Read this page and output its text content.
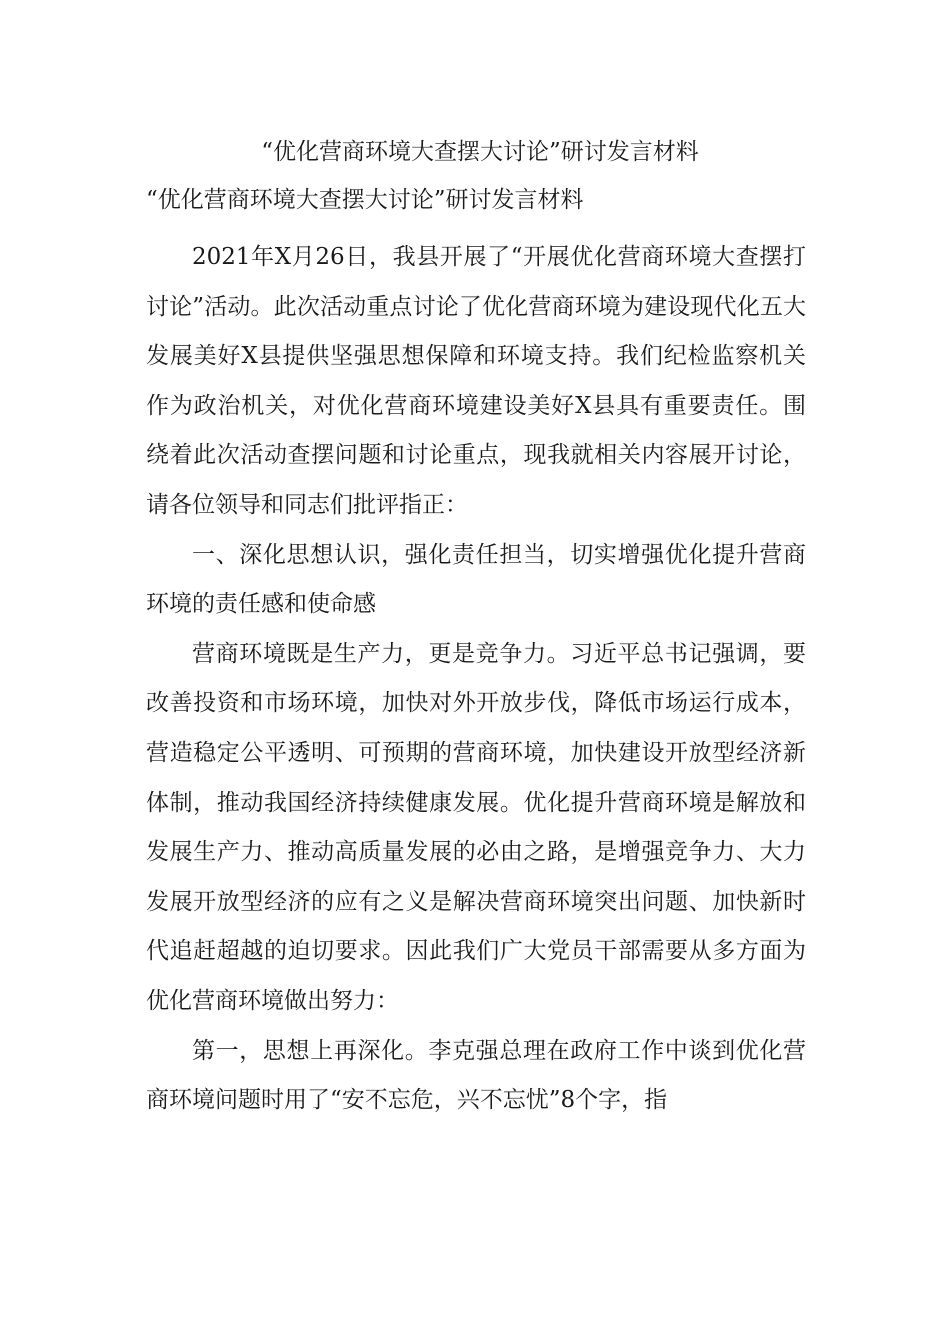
“优化营商环境大查摆大讨论”研讨发言材料
“优化营商环境大查摆大讨论”研讨发言材料

2021年X月26日，我县开展了“开展优化营商环境大查摆打讨论”活动。此次活动重点讨论了优化营商环境为建设现代化五大发展美好X县提供坚强思想保障和环境支持。我们纪检监察机关作为政治机关，对优化营商环境建设美好X县具有重要责任。围绕着此次活动查摆问题和讨论重点，现我就相关内容展开讨论，请各位领导和同志们批评指正：

一、深化思想认识，强化责任担当，切实增强优化提升营商环境的责任感和使命感

营商环境既是生产力，更是竞争力。习近平总书记强调，要改善投资和市场环境，加快对外开放步伐，降低市场运行成本，营造稳定公平透明、可预期的营商环境，加快建设开放型经济新体制，推动我国经济持续健康发展。优化提升营商环境是解放和发展生产力、推动高质量发展的必由之路，是增强竞争力、大力发展开放型经济的应有之义是解决营商环境突出问题、加快新时代追赶超越的迫切要求。因此我们广大党员干部需要从多方面为优化营商环境做出努力：

第一，思想上再深化。李克强总理在政府工作中谈到优化营商环境问题时用了“安不忘危，兴不忘忧”8个字，指
